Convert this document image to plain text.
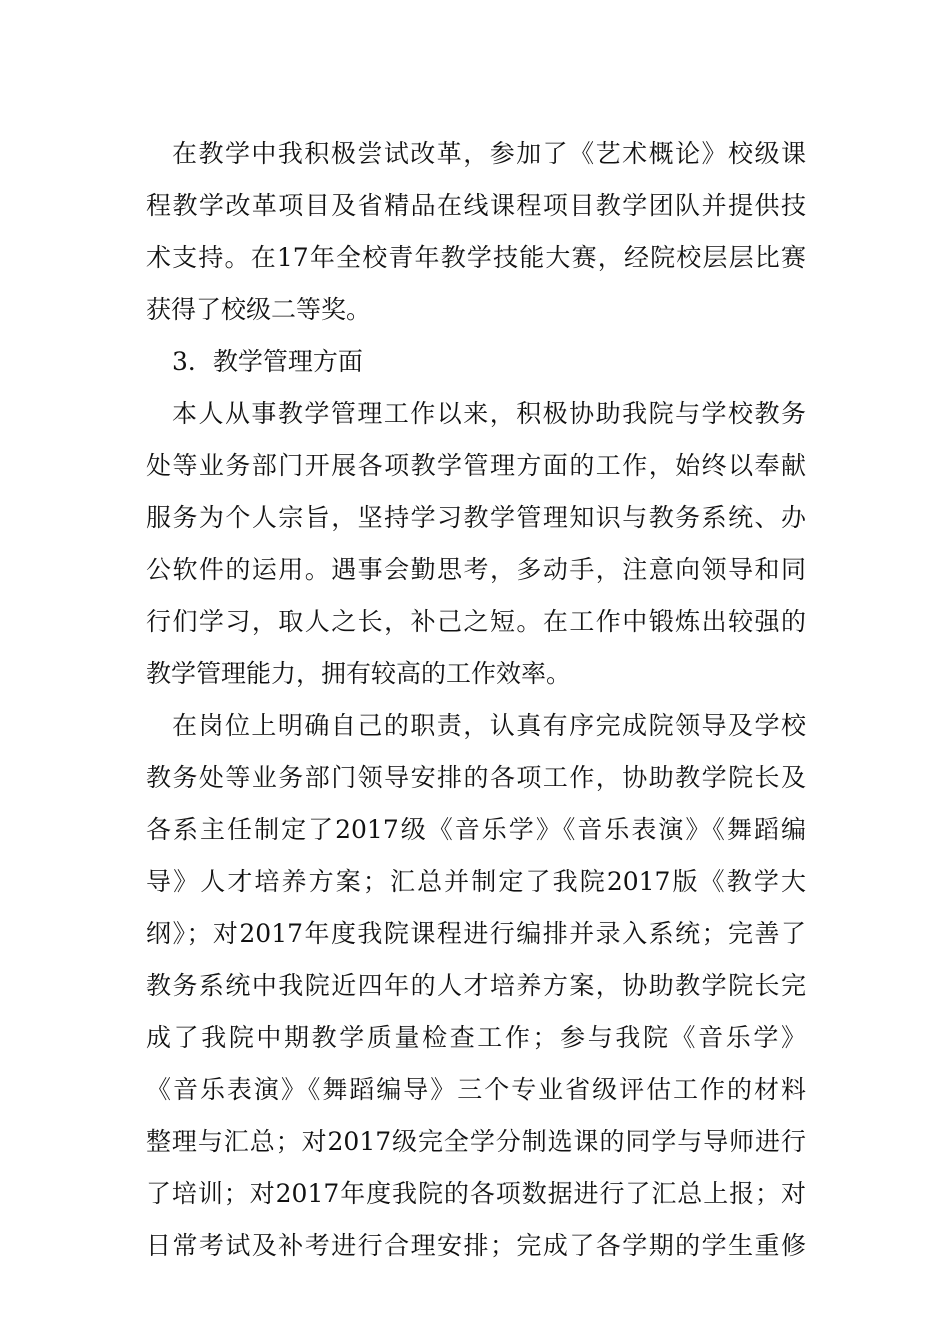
在教学中我积极尝试改革，参加了《艺术概论》校级课
程教学改革项目及省精品在线课程项目教学团队并提供技
术支持。在17年全校青年教学技能大赛，经院校层层比赛
获得了校级二等奖。
3．教学管理方面
本人从事教学管理工作以来，积极协助我院与学校教务
处等业务部门开展各项教学管理方面的工作，始终以奉献
服务为个人宗旨，坚持学习教学管理知识与教务系统、办
公软件的运用。遇事会勤思考，多动手，注意向领导和同
行们学习，取人之长，补己之短。在工作中锻炼出较强的
教学管理能力，拥有较高的工作效率。
在岗位上明确自己的职责，认真有序完成院领导及学校
教务处等业务部门领导安排的各项工作，协助教学院长及
各系主任制定了2017级《音乐学》《音乐表演》《舞蹈编
导》人才培养方案；汇总并制定了我院2017版《教学大
纲》；对2017年度我院课程进行编排并录入系统；完善了
教务系统中我院近四年的人才培养方案，协助教学院长完
成了我院中期教学质量检查工作；参与我院《音乐学》
《音乐表演》《舞蹈编导》三个专业省级评估工作的材料
整理与汇总；对2017级完全学分制选课的同学与导师进行
了培训；对2017年度我院的各项数据进行了汇总上报；对
日常考试及补考进行合理安排；完成了各学期的学生重修
